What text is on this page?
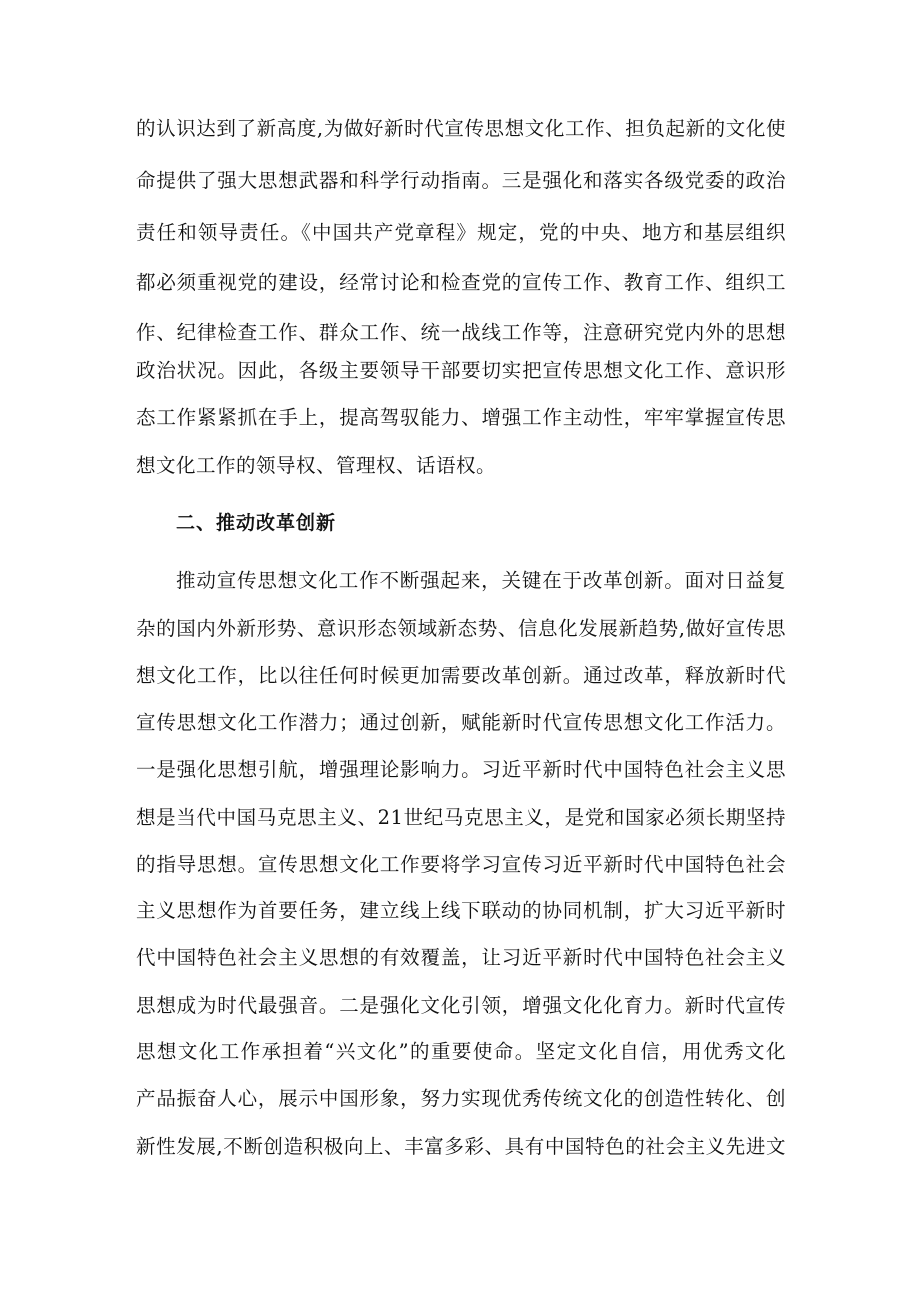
的认识达到了新高度,为做好新时代宣传思想文化工作、担负起新的文化使
命提供了强大思想武器和科学行动指南。三是强化和落实各级党委的政治
责任和领导责任。《中国共产党章程》规定，党的中央、地方和基层组织
都必须重视党的建设，经常讨论和检查党的宣传工作、教育工作、组织工
作、纪律检查工作、群众工作、统一战线工作等，注意研究党内外的思想
政治状况。因此，各级主要领导干部要切实把宣传思想文化工作、意识形
态工作紧紧抓在手上，提高驾驭能力、增强工作主动性，牢牢掌握宣传思
想文化工作的领导权、管理权、话语权。
二、推动改革创新
推动宣传思想文化工作不断强起来，关键在于改革创新。面对日益复
杂的国内外新形势、意识形态领域新态势、信息化发展新趋势,做好宣传思
想文化工作，比以往任何时候更加需要改革创新。通过改革，释放新时代
宣传思想文化工作潜力；通过创新，赋能新时代宣传思想文化工作活力。
一是强化思想引航，增强理论影响力。习近平新时代中国特色社会主义思
想是当代中国马克思主义、21世纪马克思主义，是党和国家必须长期坚持
的指导思想。宣传思想文化工作要将学习宣传习近平新时代中国特色社会
主义思想作为首要任务，建立线上线下联动的协同机制，扩大习近平新时
代中国特色社会主义思想的有效覆盖，让习近平新时代中国特色社会主义
思想成为时代最强音。二是强化文化引领，增强文化化育力。新时代宣传
思想文化工作承担着“兴文化”的重要使命。坚定文化自信，用优秀文化
产品振奋人心，展示中国形象，努力实现优秀传统文化的创造性转化、创
新性发展,不断创造积极向上、丰富多彩、具有中国特色的社会主义先进文
